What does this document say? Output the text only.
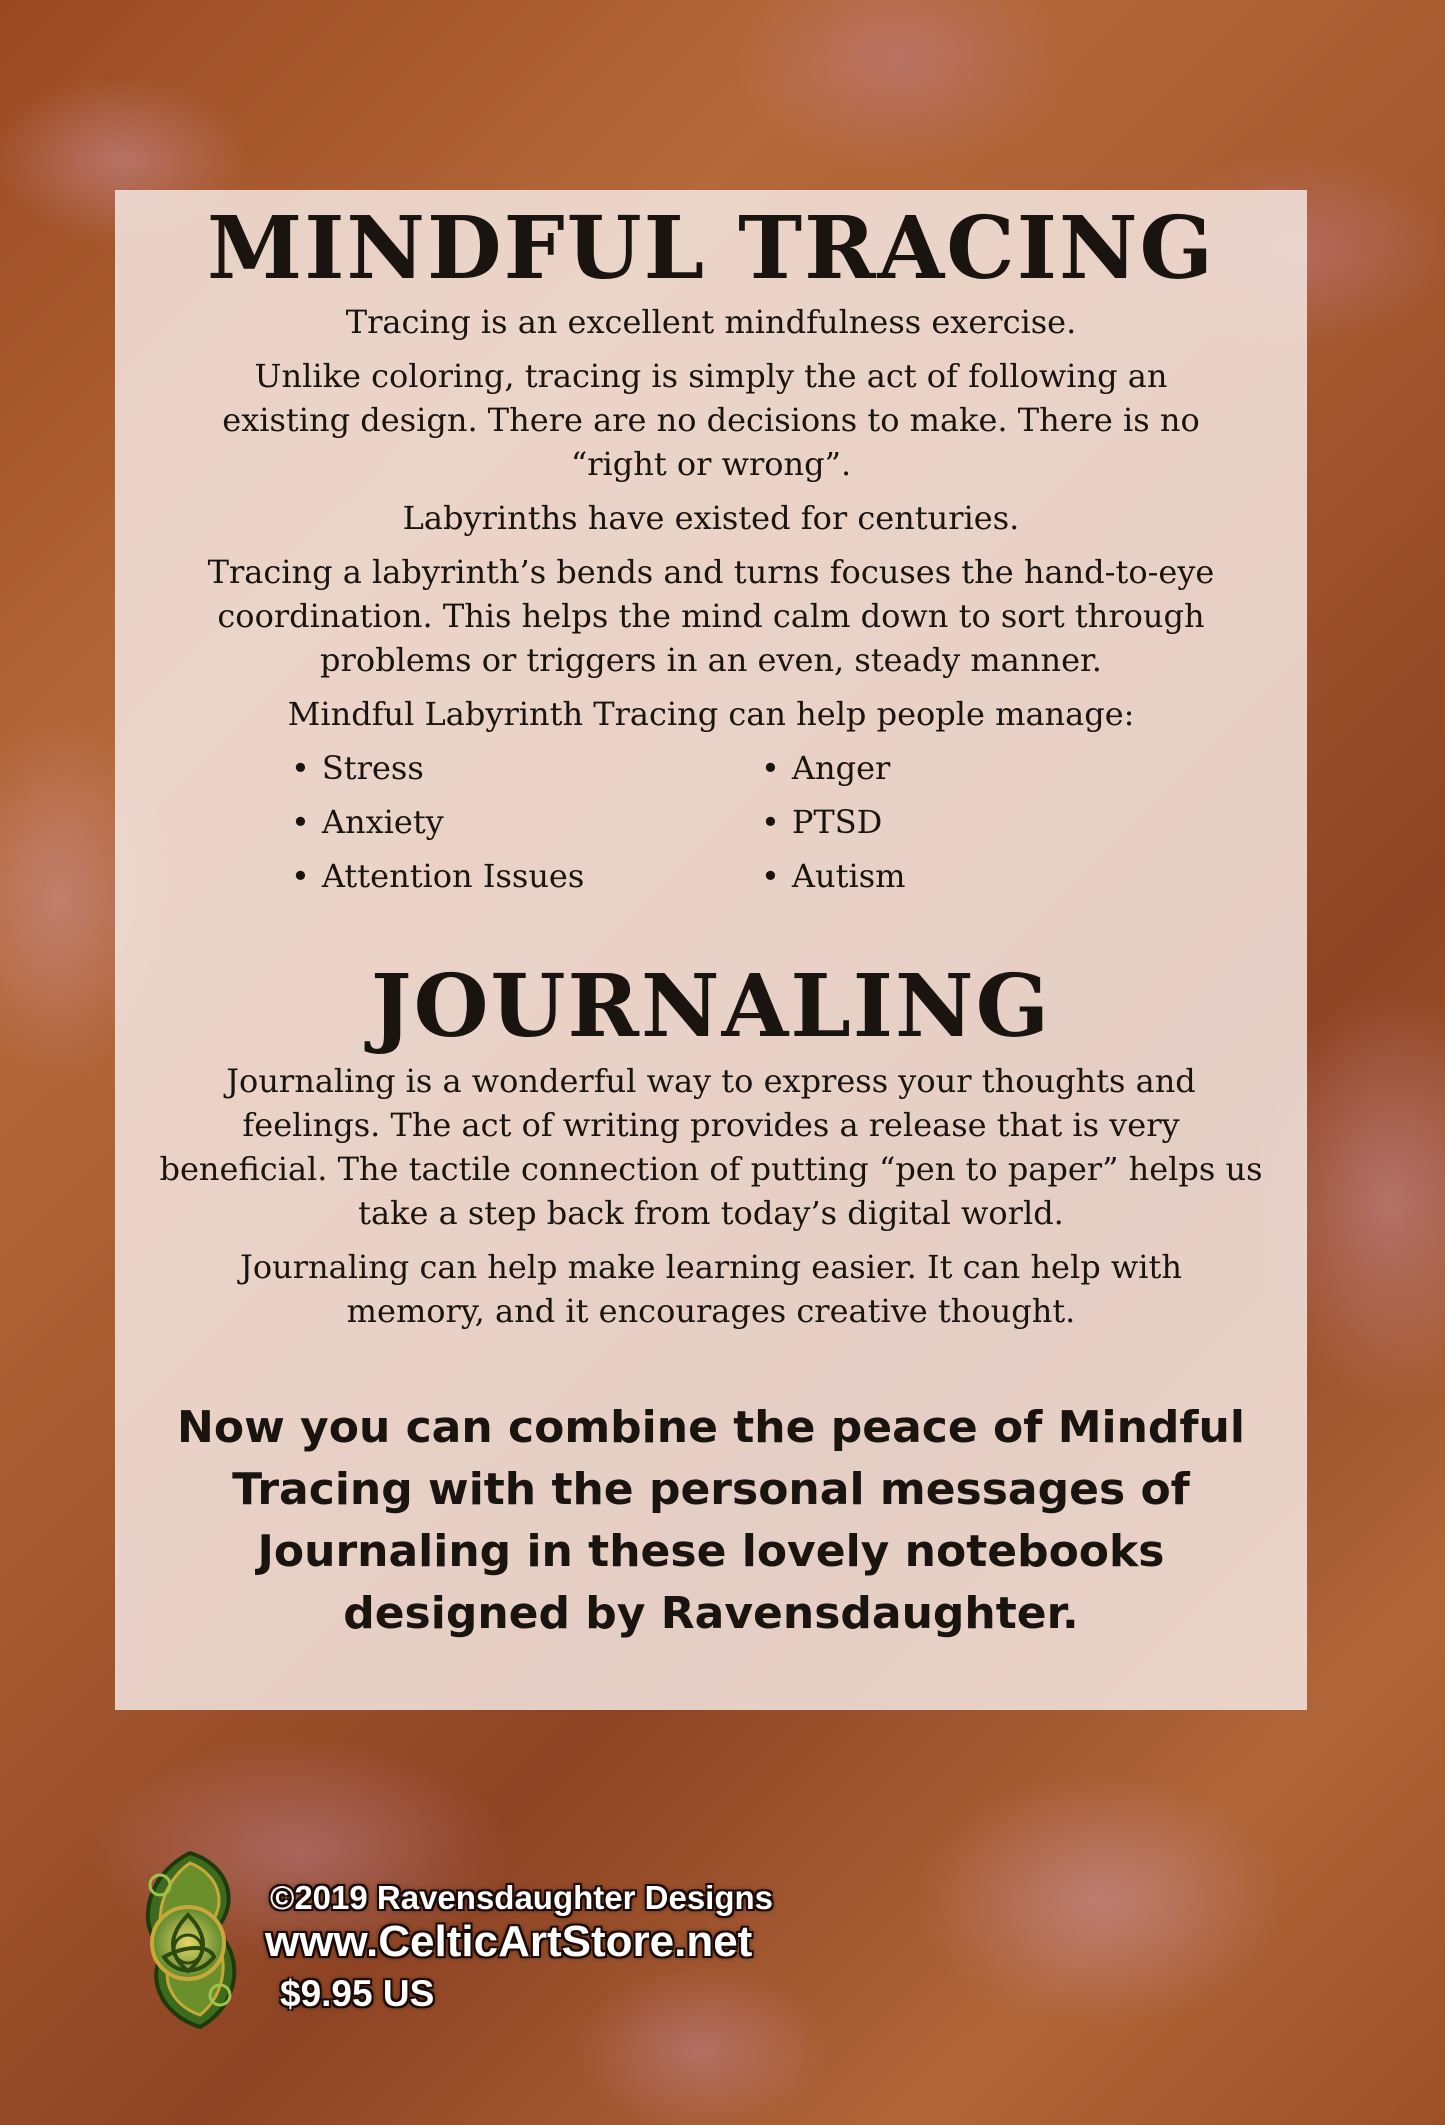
MINDFUL TRACING

Tracing is an excellent mindfulness exercise.

Unlike coloring, tracing is simply the act of following an existing design. There are no decisions to make. There is no “right or wrong”.

Labyrinths have existed for centuries.

Tracing a labyrinth’s bends and turns focuses the hand-to-eye coordination. This helps the mind calm down to sort through problems or triggers in an even, steady manner.

Mindful Labyrinth Tracing can help people manage:

• Stress	• Anger
• Anxiety	• PTSD
• Attention Issues	• Autism
JOURNALING

Journaling is a wonderful way to express your thoughts and feelings. The act of writing provides a release that is very beneficial. The tactile connection of putting “pen to paper” helps us take a step back from today’s digital world.

Journaling can help make learning easier. It can help with memory, and it encourages creative thought.

Now you can combine the peace of Mindful Tracing with the personal messages of Journaling in these lovely notebooks designed by Ravensdaughter.
©2019 Ravensdaughter Designs
www.CelticArtStore.net
$9.95 US
